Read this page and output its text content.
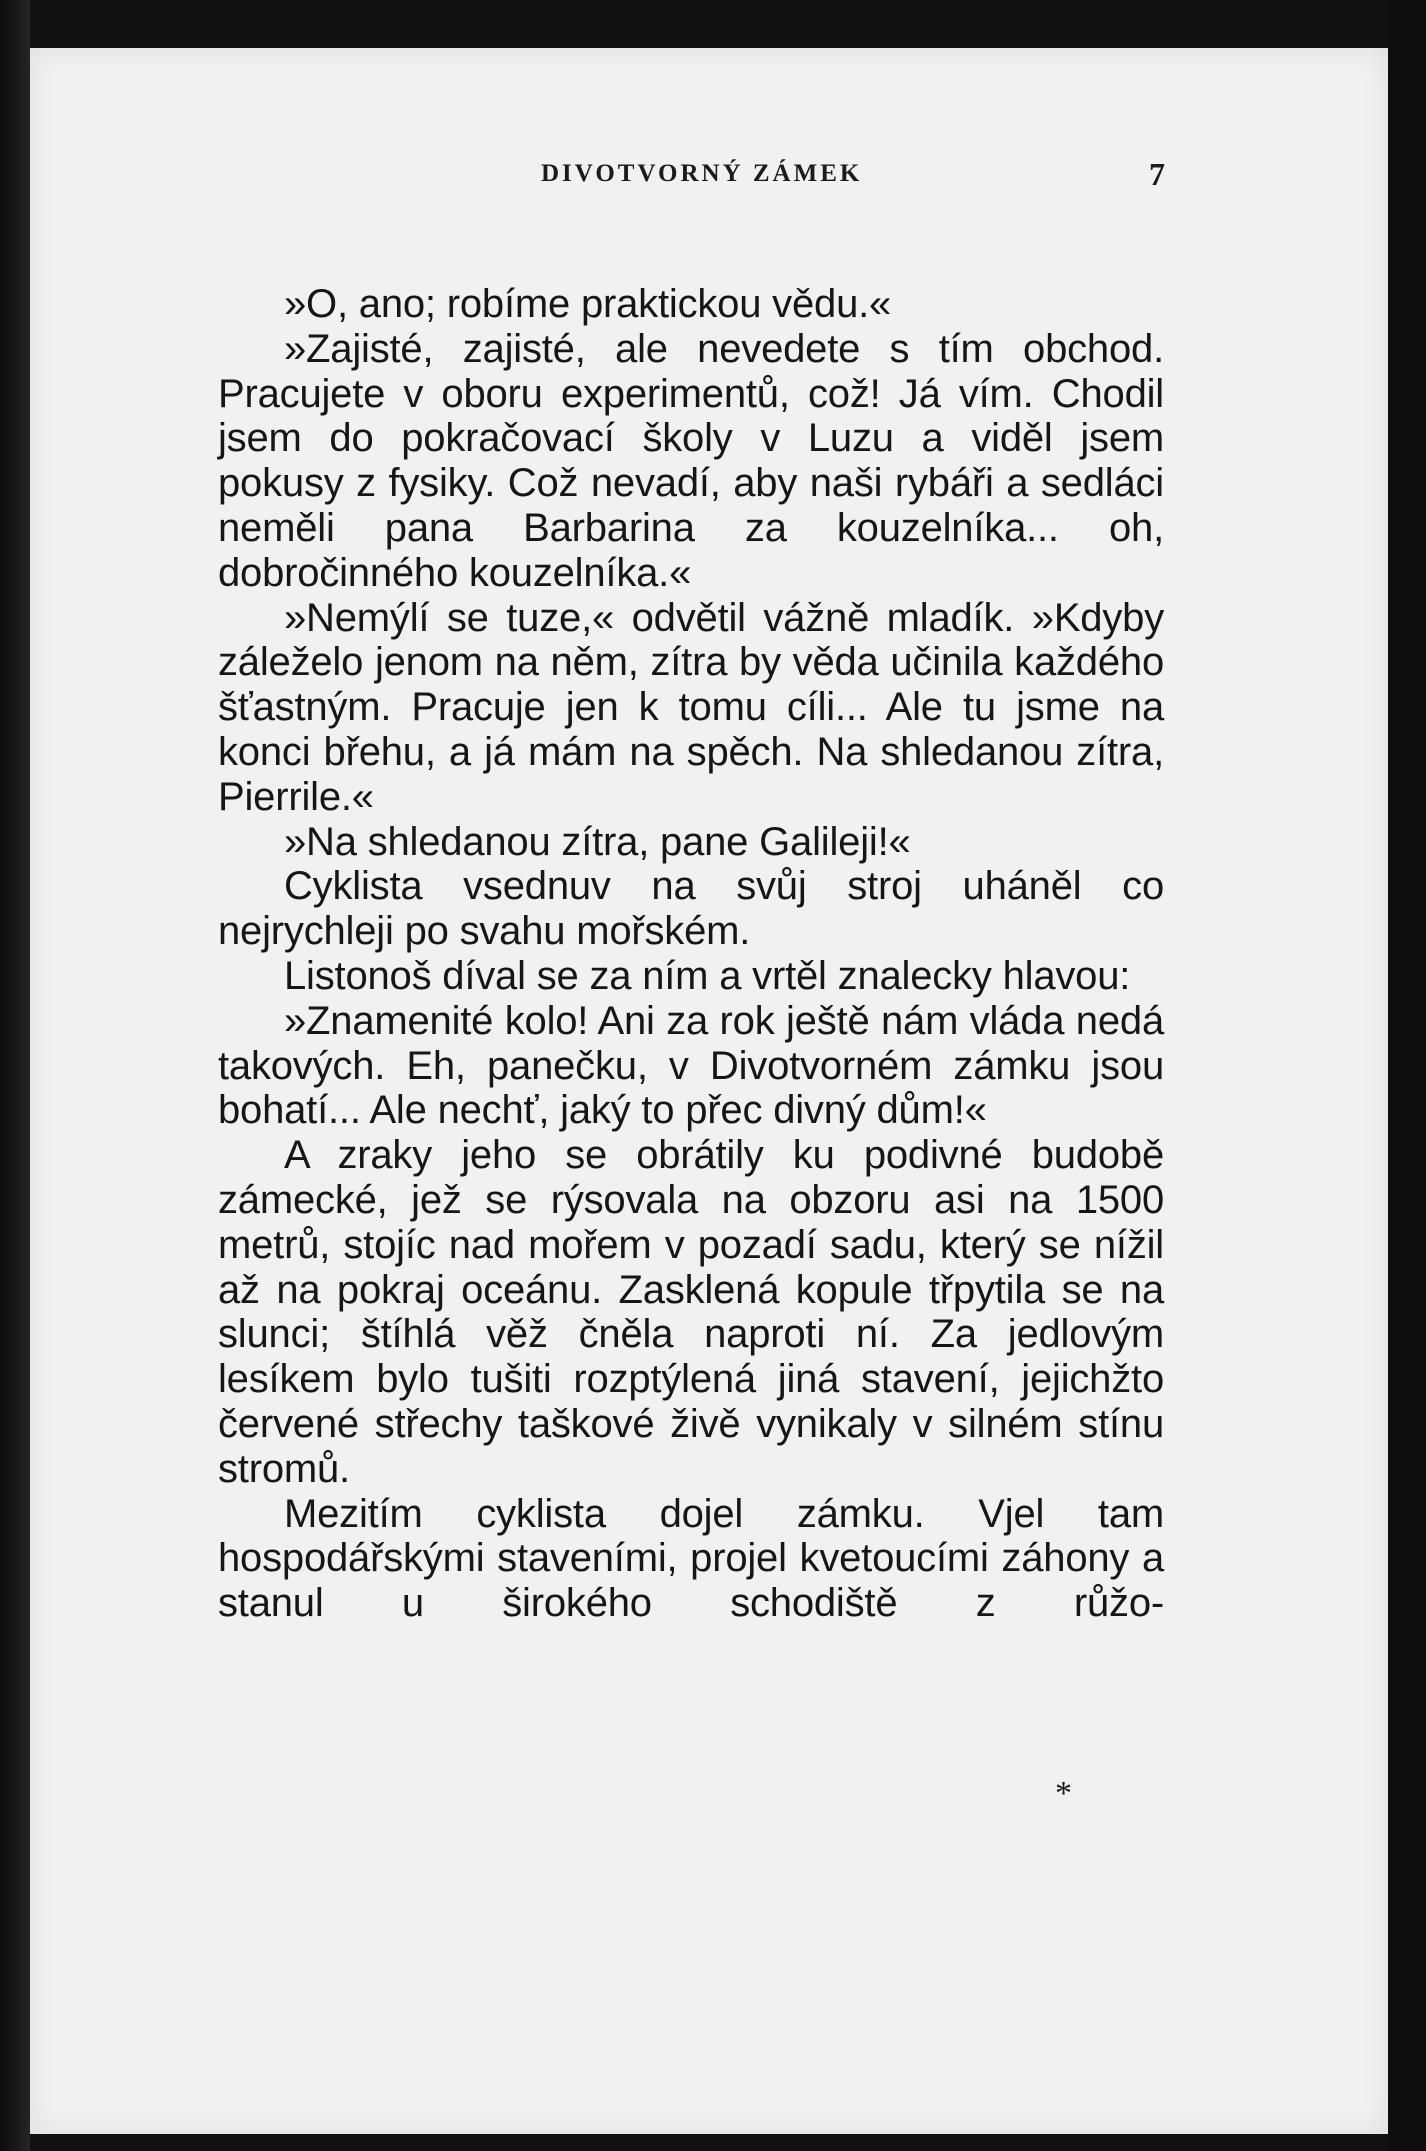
DIVOTVORNÝ ZÁMEK	7

»O, ano; robíme praktickou vědu.«

»Zajisté, zajisté, ale nevedete s tím obchod. Pracujete v oboru experimentů, což! Já vím. Chodil jsem do pokračovací školy v Luzu a viděl jsem pokusy z fysiky. Což nevadí, aby naši rybáři a sedláci neměli pana Barbarina za kouzelníka... oh, dobročinného kouzelníka.«

»Nemýlí se tuze,« odvětil vážně mladík. »Kdyby záleželo jenom na něm, zítra by věda učinila každého šťastným. Pracuje jen k tomu cíli... Ale tu jsme na konci břehu, a já mám na spěch. Na shledanou zítra, Pierrile.«

»Na shledanou zítra, pane Galileji!«

Cyklista vsednuv na svůj stroj uháněl co nejrychleji po svahu mořském.

Listonoš díval se za ním a vrtěl znalecky hlavou:

»Znamenité kolo! Ani za rok ještě nám vláda nedá takových. Eh, panečku, v Divotvorném zámku jsou bohatí... Ale nechť, jaký to přec divný dům!«

A zraky jeho se obrátily ku podivné budobě zámecké, jež se rýsovala na obzoru asi na 1500 metrů, stojíc nad mořem v pozadí sadu, který se nížil až na pokraj oceánu. Zasklená kopule třpytila se na slunci; štíhlá věž čněla naproti ní. Za jedlovým lesíkem bylo tušiti rozptýlená jiná stavení, jejichžto červené střechy taškové živě vynikaly v silném stínu stromů.

Mezitím cyklista dojel zámku. Vjel tam hospodářskými staveními, projel kvetoucími záhony a stanul u širokého schodiště z růžo-

*
